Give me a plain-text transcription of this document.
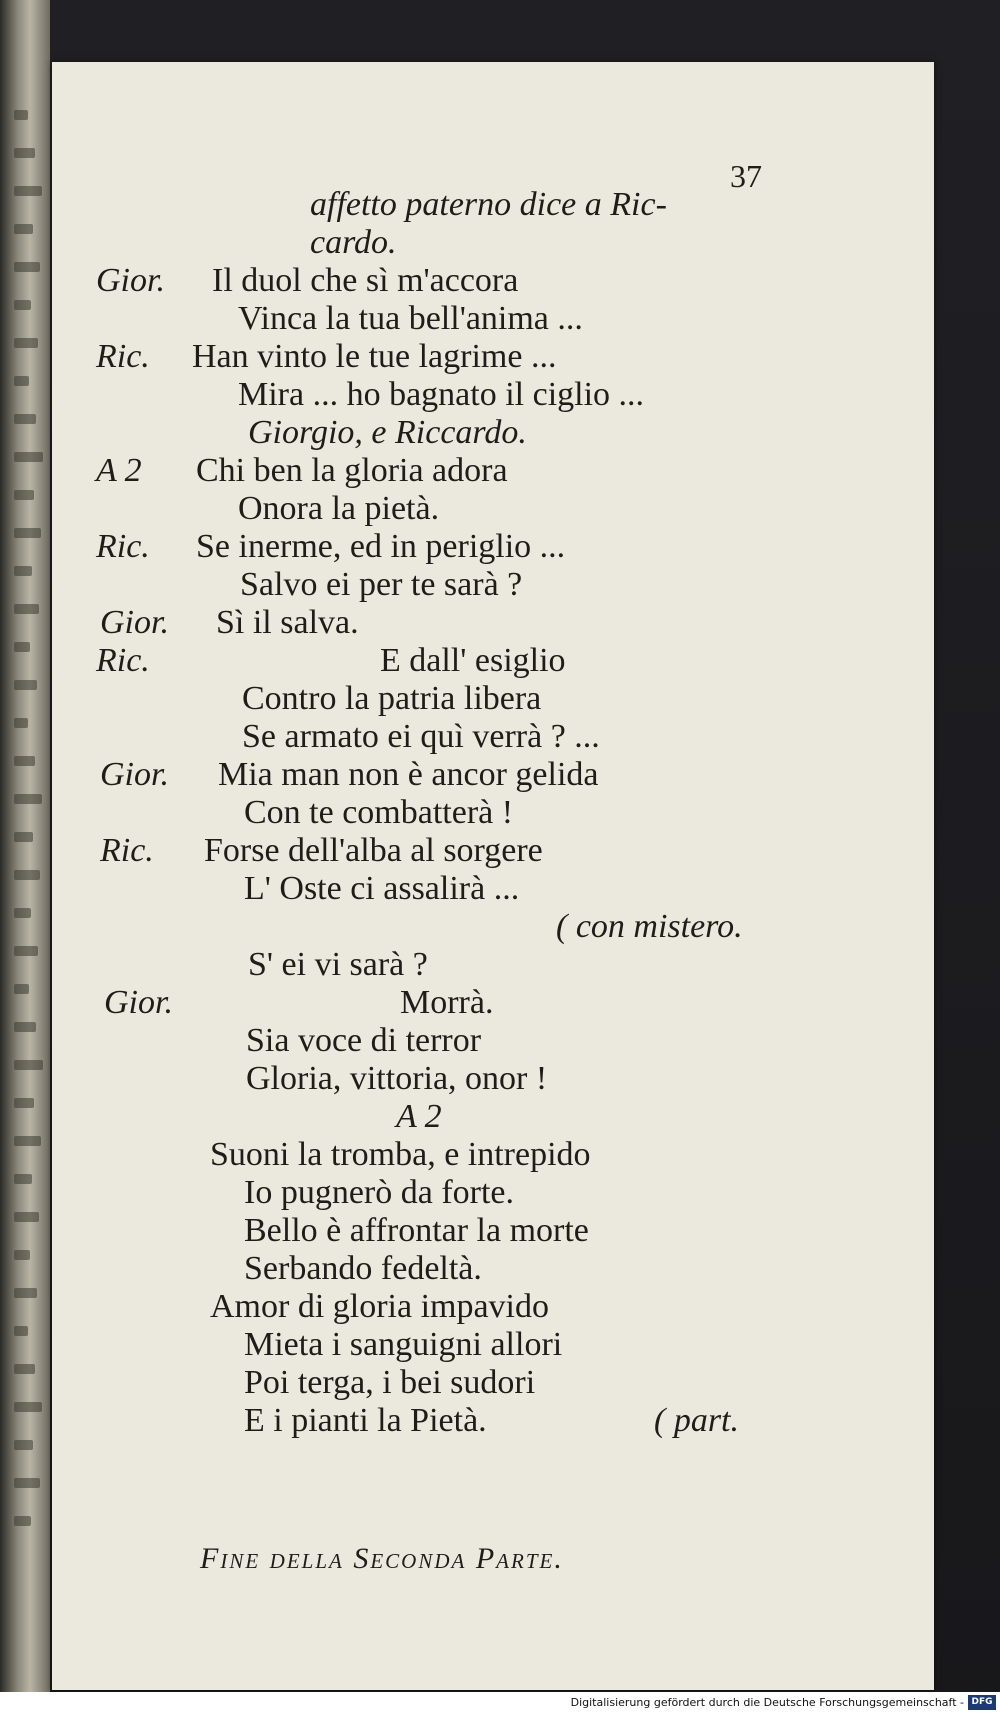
37
Fine della Seconda Parte.
affetto paterno dice a Ric-
cardo.
Gior. Il duol che sì m'accora
Vinca la tua bell'anima ...
Ric. Han vinto le tue lagrime ...
Mira ... ho bagnato il ciglio ...
Giorgio, e Riccardo.
A 2 Chi ben la gloria adora
Onora la pietà.
Ric. Se inerme, ed in periglio ...
Salvo ei per te sarà ?
Gior. Sì il salva.
Ric.	E dall' esiglio
Contro la patria libera
Se armato ei quì verrà ? ...
Gior. Mia man non è ancor gelida
Con te combatterà !
Ric. Forse dell'alba al sorgere
L' Oste ci assalirà ...
( con mistero.
S' ei vi sarà ?
Gior.	Morrà.
Sia voce di terror
Gloria, vittoria, onor !
A 2
Suoni la tromba, e intrepido
Io pugnerò da forte.
Bello è affrontar la morte
Serbando fedeltà.
Amor di gloria impavido
Mieta i sanguigni allori
Poi terga, i bei sudori
E i pianti la Pietà.	( part.
Digitalisierung gefördert durch die Deutsche Forschungsgemeinschaft - DFG
